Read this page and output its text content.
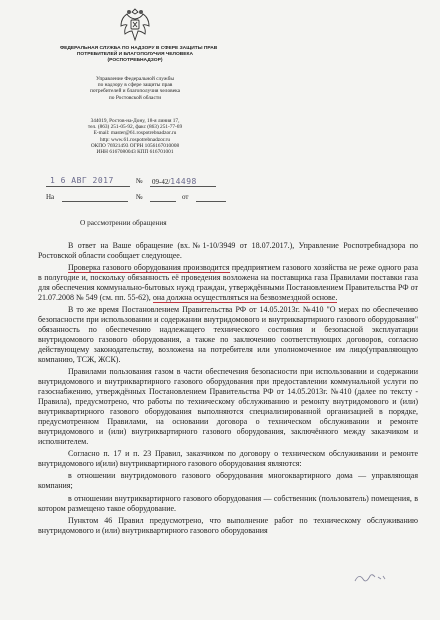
ФЕДЕРАЛЬНАЯ СЛУЖБА ПО НАДЗОРУ В СФЕРЕ ЗАЩИТЫ ПРАВ
ПОТРЕБИТЕЛЕЙ И БЛАГОПОЛУЧИЯ ЧЕЛОВЕКА
(РОСПОТРЕБНАДЗОР)
Управление Федеральной службы
по надзору в сфере защиты прав
потребителей и благополучия человека
по Ростовской области
344019, Ростов-на-Дону, 18-я линия 17,
тел. (863) 251-05-92, факс (863) 251-77-69
E-mail: master@61.rospotrebnadzor.ru
http: www.61.rospotrebnadzor.ru
ОКПО 76921493 ОГРН 1056167010008
ИНН 6167080043 КПП 616701001
1 6 АВГ 2017	№ 09-42/14498
На	№	от
О рассмотрении обращения

В ответ на Ваше обращение (вх.№1-10/3949 от 18.07.2017.), Управление Роспотребнадзора по Ростовской области сообщает следующее.

Проверка газового оборудования производится предприятием газового хозяйства не реже одного раза в полугодие и, поскольку обязанность её проведения возложена на поставщика газа Правилами поставки газа для обеспечения коммунально-бытовых нужд граждан, утверждёнными Постановлением Правительства РФ от 21.07.2008 № 549 (см. пп. 55-62), она должна осуществляться на безвозмездной основе.

В то же время Постановлением Правительства РФ от 14.05.2013г. №410 "О мерах по обеспечению безопасности при использовании и содержании внутридомового и внутриквартирного газового оборудования" обязанность по обеспечению надлежащего технического состояния и безопасной эксплуатации внутридомового газового оборудования, а также по заключению соответствующих договоров, согласно действующему законодательству, возложена на потребителя или уполномоченное им лицо(управляющую компанию, ТСЖ, ЖСК).

Правилами пользования газом в части обеспечения безопасности при использовании и содержании внутридомового и внутриквартирного газового оборудования при предоставлении коммунальной услуги по газоснабжению, утверждённых Постановлением Правительства РФ от 14.05.2013г. №410 (далее по тексту - Правила), предусмотрено, что работы по техническому обслуживанию и ремонту внутридомового и (или) внутриквартирного газового оборудования выполняются специализированной организацией в порядке, предусмотренном Правилами, на основании договора о техническом обслуживании и ремонте внутридомового и (или) внутриквартирного газового оборудования, заключённого между заказчиком и исполнителем.

Согласно п. 17 и п. 23 Правил, заказчиком по договору о техническом обслуживании и ремонте внутридомового и(или) внутриквартирного газового оборудования являются:

в отношении внутридомового газового оборудования многоквартирного дома — управляющая компания;

в отношении внутриквартирного газового оборудования — собственник (пользователь) помещения, в котором размещено такое оборудование.

Пунктом 46 Правил предусмотрено, что выполнение работ по техническому обслуживанию внутридомового и (или) внутриквартирного газового оборудования
